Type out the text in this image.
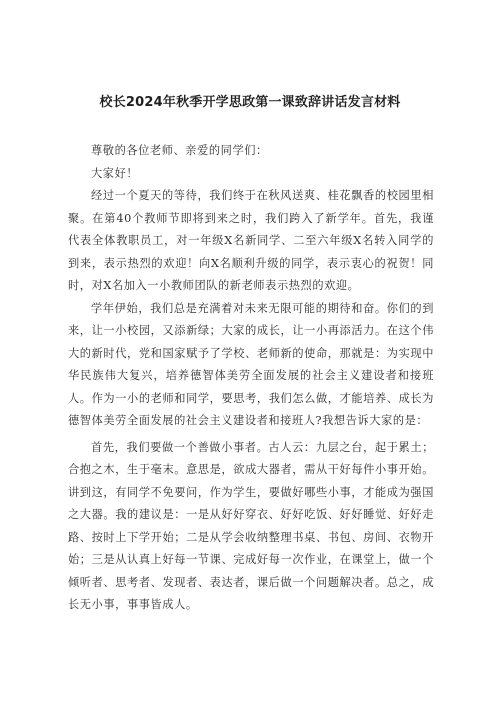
校长2024年秋季开学思政第一课致辞讲话发言材料

尊敬的各位老师、亲爱的同学们：

大家好！

经过一个夏天的等待，我们终于在秋风送爽、桂花飘香的校园里相聚。在第40个教师节即将到来之时，我们跨入了新学年。首先，我谨代表全体教职员工，对一年级X名新同学、二至六年级X名转入同学的到来，表示热烈的欢迎！向X名顺利升级的同学，表示衷心的祝贺！同时，对X名加入一小教师团队的新老师表示热烈的欢迎。

学年伊始，我们总是充满着对未来无限可能的期待和奋。你们的到来，让一小校园，又添新绿；大家的成长，让一小再添活力。在这个伟大的新时代，党和国家赋予了学校、老师新的使命，那就是：为实现中华民族伟大复兴，培养德智体美劳全面发展的社会主义建设者和接班人。作为一小的老师和同学，要思考，我们怎么做，才能培养、成长为德智体美劳全面发展的社会主义建设者和接班人?我想告诉大家的是：

首先，我们要做一个善做小事者。古人云：九层之台，起于累土；合抱之木，生于毫末。意思是，欲成大器者，需从干好每件小事开始。讲到这，有同学不免要问，作为学生，要做好哪些小事，才能成为强国之大器。我的建议是：一是从好好穿衣、好好吃饭、好好睡觉、好好走路、按时上下学开始；二是从学会收纳整理书桌、书包、房间、衣物开始；三是从认真上好每一节课、完成好每一次作业，在课堂上，做一个倾听者、思考者、发现者、表达者，课后做一个问题解决者。总之，成长无小事，事事皆成人。
